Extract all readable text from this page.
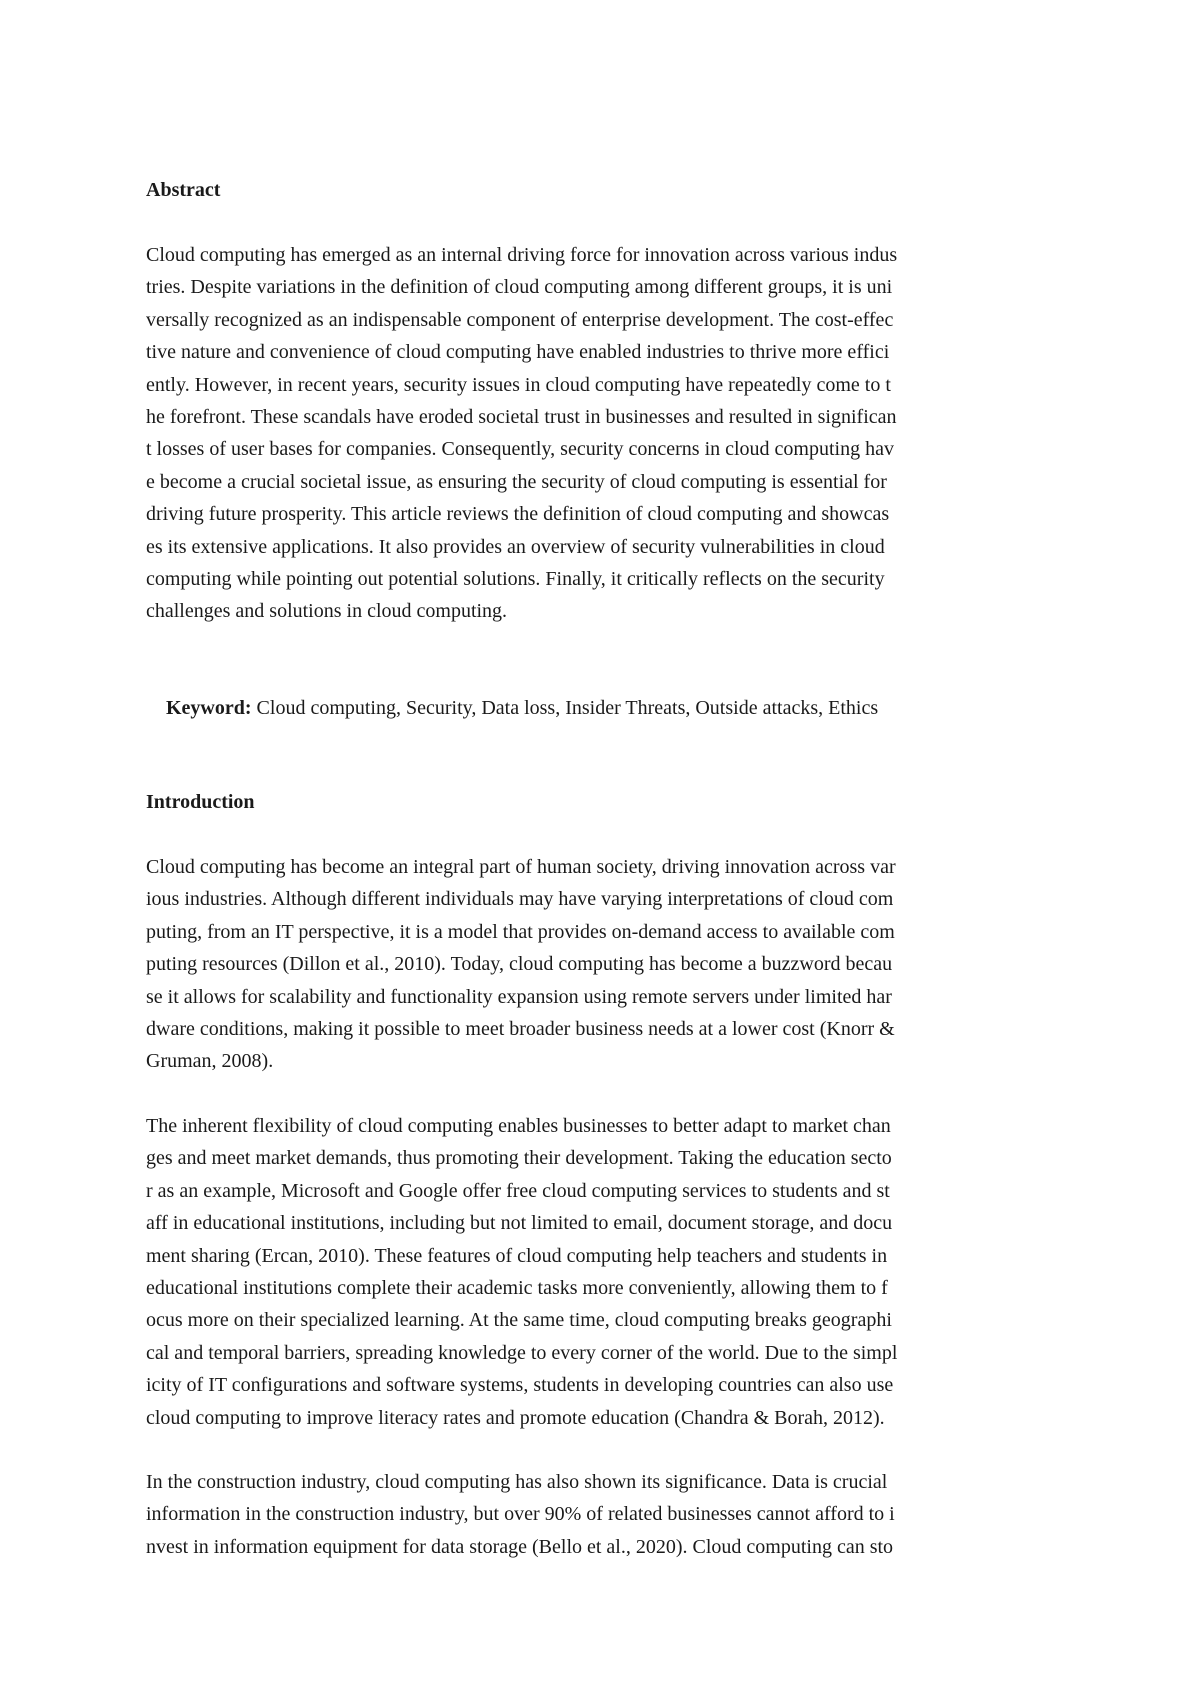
Abstract
Cloud computing has emerged as an internal driving force for innovation across various indus
tries. Despite variations in the definition of cloud computing among different groups, it is uni
versally recognized as an indispensable component of enterprise development. The cost-effec
tive nature and convenience of cloud computing have enabled industries to thrive more effici
ently. However, in recent years, security issues in cloud computing have repeatedly come to t
he forefront. These scandals have eroded societal trust in businesses and resulted in significan
t losses of user bases for companies. Consequently, security concerns in cloud computing hav
e become a crucial societal issue, as ensuring the security of cloud computing is essential for
driving future prosperity. This article reviews the definition of cloud computing and showcas
es its extensive applications. It also provides an overview of security vulnerabilities in cloud
computing while pointing out potential solutions. Finally, it critically reflects on the security
challenges and solutions in cloud computing.

Keyword: Cloud computing, Security, Data loss, Insider Threats, Outside attacks, Ethics

Introduction
Cloud computing has become an integral part of human society, driving innovation across var
ious industries. Although different individuals may have varying interpretations of cloud com
puting, from an IT perspective, it is a model that provides on-demand access to available com
puting resources (Dillon et al., 2010). Today, cloud computing has become a buzzword becau
se it allows for scalability and functionality expansion using remote servers under limited har
dware conditions, making it possible to meet broader business needs at a lower cost (Knorr &
Gruman, 2008).
The inherent flexibility of cloud computing enables businesses to better adapt to market chan
ges and meet market demands, thus promoting their development. Taking the education secto
r as an example, Microsoft and Google offer free cloud computing services to students and st
aff in educational institutions, including but not limited to email, document storage, and docu
ment sharing (Ercan, 2010). These features of cloud computing help teachers and students in
educational institutions complete their academic tasks more conveniently, allowing them to f
ocus more on their specialized learning. At the same time, cloud computing breaks geographi
cal and temporal barriers, spreading knowledge to every corner of the world. Due to the simpl
icity of IT configurations and software systems, students in developing countries can also use
cloud computing to improve literacy rates and promote education (Chandra & Borah, 2012).
In the construction industry, cloud computing has also shown its significance. Data is crucial
information in the construction industry, but over 90% of related businesses cannot afford to i
nvest in information equipment for data storage (Bello et al., 2020). Cloud computing can sto
